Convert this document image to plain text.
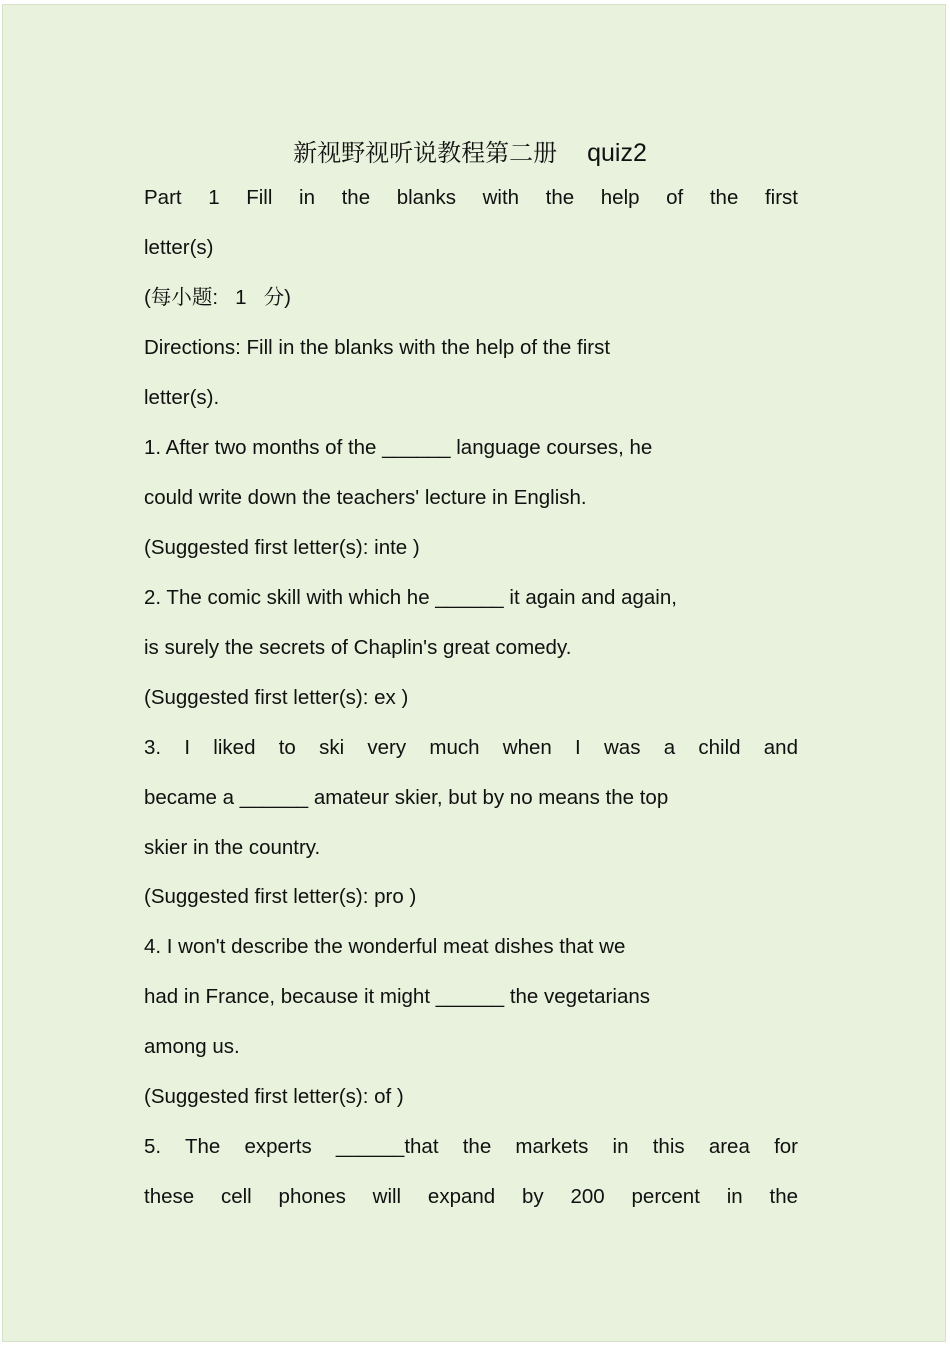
新视野视听说教程第二册 quiz2
Part  1  Fill  in  the  blanks  with  the  help  of  the  first
letter(s)
(每小题:   1   分)
Directions: Fill in the blanks with the help of the first
letter(s).
1. After two months of the ______ language courses, he
could write down the teachers' lecture in English.
(Suggested first letter(s): inte )
2. The comic skill with which he ______ it again and again,
is surely the secrets of Chaplin's great comedy.
(Suggested first letter(s): ex )
3.  I  liked  to  ski  very  much  when  I  was  a  child  and
became a ______ amateur skier, but by no means the top
skier in the country.
(Suggested first letter(s): pro )
4. I won't describe the wonderful meat dishes that we
had in France, because it might ______ the vegetarians
among us.
(Suggested first letter(s): of )
5.  The  experts  ______that  the  markets  in  this  area  for
these  cell  phones  will  expand  by  200  percent  in  the
